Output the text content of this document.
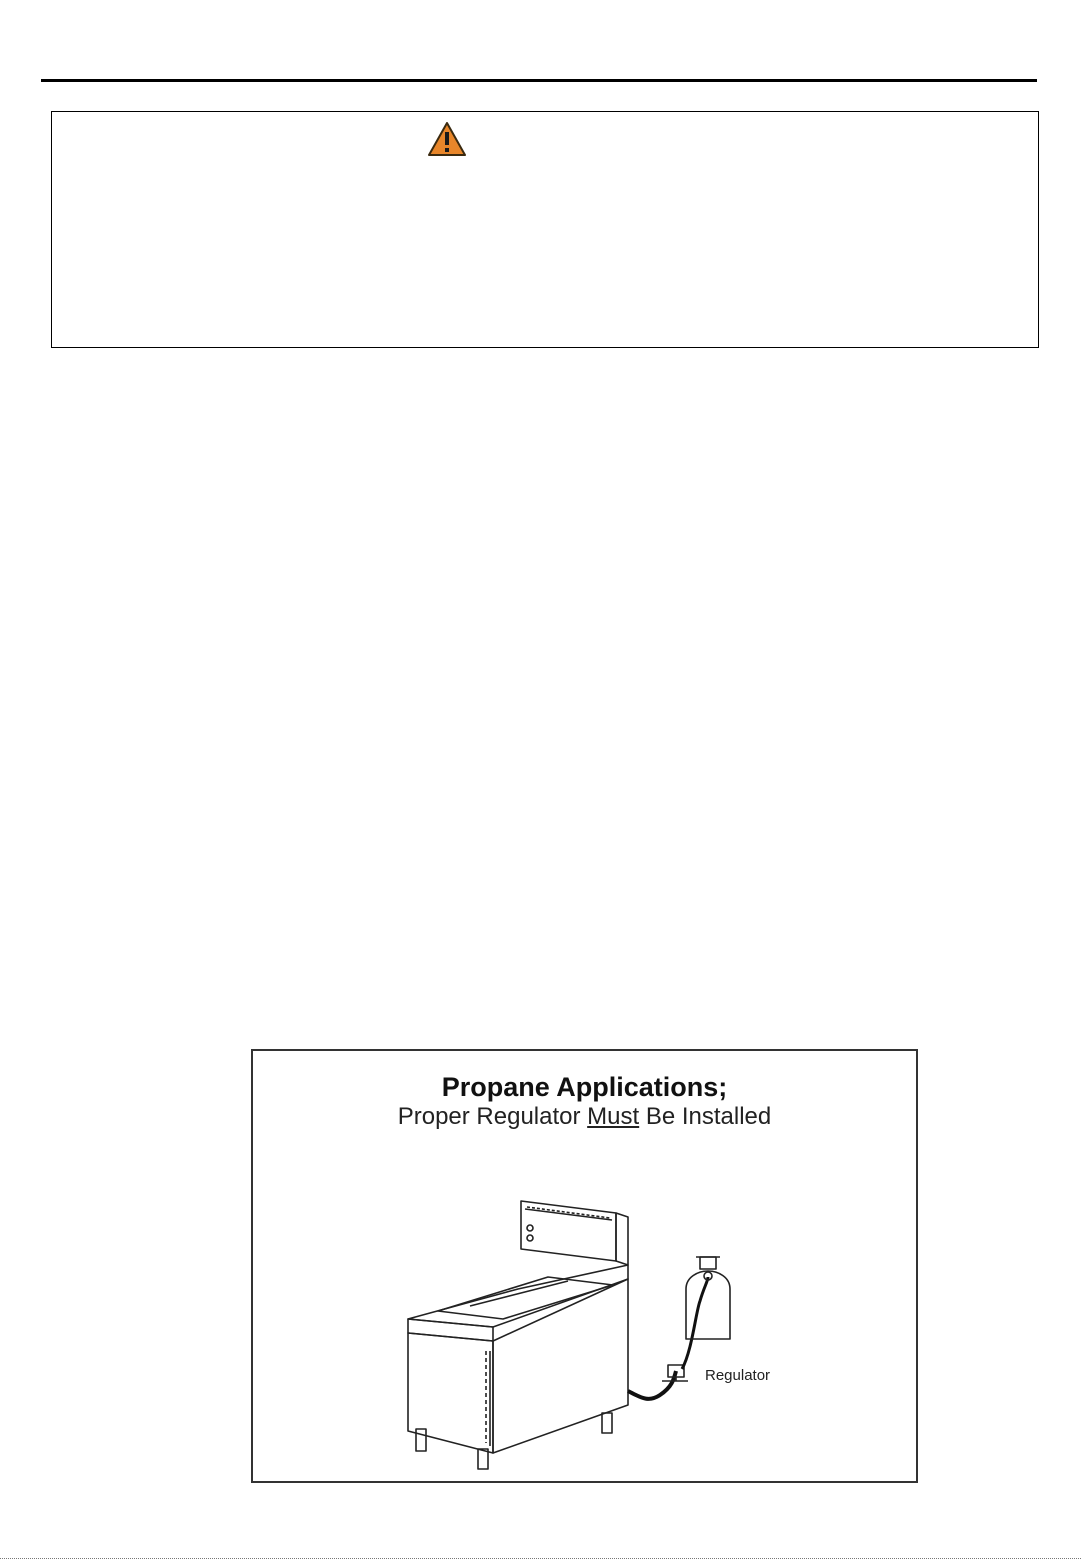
Propane Applications;
Proper Regulator Must Be Installed
Regulator
